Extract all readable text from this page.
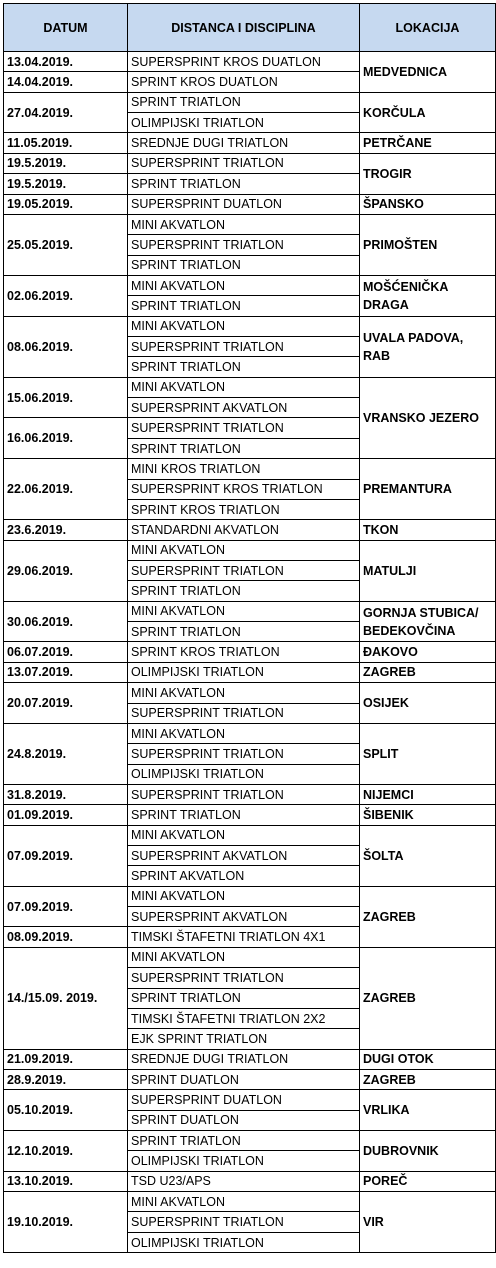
DATUM	DISTANCA I DISCIPLINA	LOKACIJA
13.04.2019.	SUPERSPRINT KROS DUATLON	MEDVEDNICA
14.04.2019.	SPRINT KROS DUATLON	
27.04.2019.	SPRINT TRIATLON	KORČULA
	OLIMPIJSKI TRIATLON	
11.05.2019.	SREDNJE DUGI TRIATLON	PETRČANE
19.5.2019.	SUPERSPRINT TRIATLON	TROGIR
19.5.2019.	SPRINT TRIATLON	
19.05.2019.	SUPERSPRINT DUATLON	ŠPANSKO
25.05.2019.	MINI AKVATLON	PRIMOŠTEN
	SUPERSPRINT TRIATLON	
	SPRINT TRIATLON	
02.06.2019.	MINI AKVATLON	MOŠĆENIČKA DRAGA
	SPRINT TRIATLON	
08.06.2019.	MINI AKVATLON	UVALA PADOVA, RAB
	SUPERSPRINT TRIATLON	
	SPRINT TRIATLON	
15.06.2019.	MINI AKVATLON	VRANSKO JEZERO
	SUPERSPRINT AKVATLON	
16.06.2019.	SUPERSPRINT TRIATLON	
	SPRINT TRIATLON	
22.06.2019.	MINI KROS TRIATLON	PREMANTURA
	SUPERSPRINT KROS TRIATLON	
	SPRINT KROS TRIATLON	
23.6.2019.	STANDARDNI AKVATLON	TKON
29.06.2019.	MINI AKVATLON	MATULJI
	SUPERSPRINT TRIATLON	
	SPRINT TRIATLON	
30.06.2019.	MINI AKVATLON	GORNJA STUBICA/ BEDEKOVČINA
	SPRINT TRIATLON	
06.07.2019.	SPRINT KROS TRIATLON	ĐAKOVO
13.07.2019.	OLIMPIJSKI TRIATLON	ZAGREB
20.07.2019.	MINI AKVATLON	OSIJEK
	SUPERSPRINT TRIATLON	
24.8.2019.	MINI AKVATLON	SPLIT
	SUPERSPRINT TRIATLON	
	OLIMPIJSKI TRIATLON	
31.8.2019.	SUPERSPRINT TRIATLON	NIJEMCI
01.09.2019.	SPRINT TRIATLON	ŠIBENIK
07.09.2019.	MINI AKVATLON	ŠOLTA
	SUPERSPRINT AKVATLON	
	SPRINT AKVATLON	
07.09.2019.	MINI AKVATLON	ZAGREB
	SUPERSPRINT AKVATLON	
08.09.2019.	TIMSKI ŠTAFETNI TRIATLON 4X1	
14./15.09. 2019.	MINI AKVATLON	ZAGREB
	SUPERSPRINT TRIATLON	
	SPRINT TRIATLON	
	TIMSKI ŠTAFETNI TRIATLON 2X2	
	EJK SPRINT TRIATLON	
21.09.2019.	SREDNJE DUGI TRIATLON	DUGI OTOK
28.9.2019.	SPRINT DUATLON	ZAGREB
05.10.2019.	SUPERSPRINT DUATLON	VRLIKA
	SPRINT DUATLON	
12.10.2019.	SPRINT TRIATLON	DUBROVNIK
	OLIMPIJSKI TRIATLON	
13.10.2019.	TSD U23/APS	POREČ
19.10.2019.	MINI AKVATLON	VIR
	SUPERSPRINT TRIATLON	
	OLIMPIJSKI TRIATLON	
